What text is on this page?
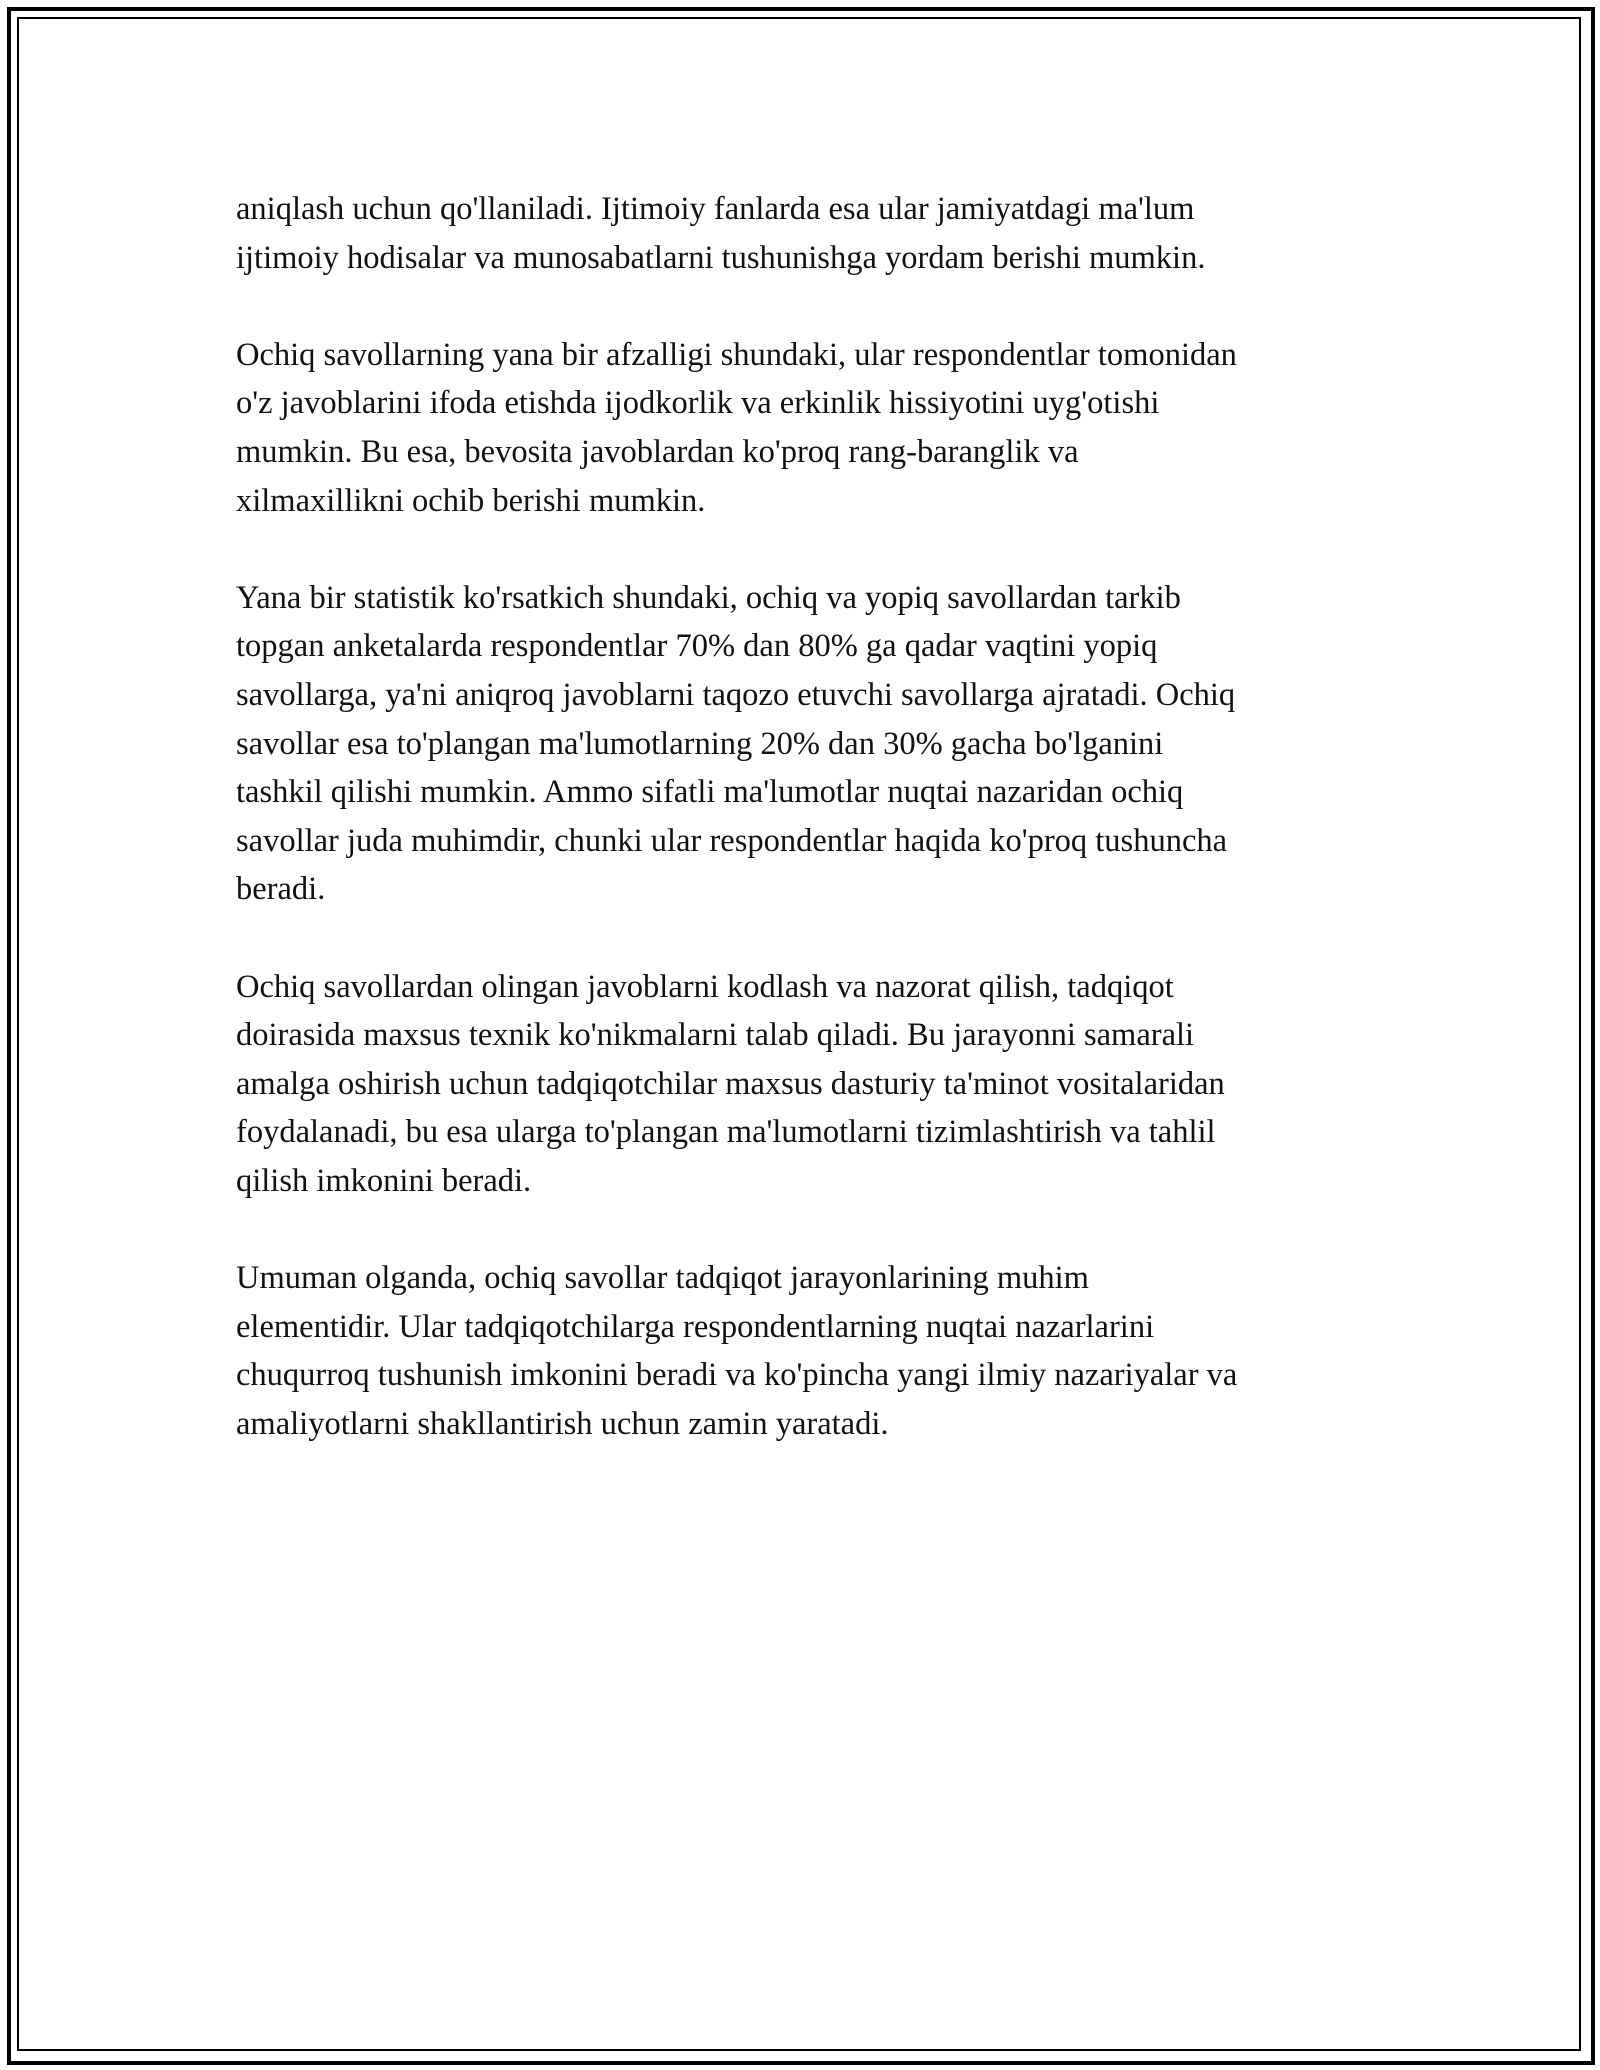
aniqlash uchun qo'llaniladi. Ijtimoiy fanlarda esa ular jamiyatdagi ma'lum
ijtimoiy hodisalar va munosabatlarni tushunishga yordam berishi mumkin.

Ochiq savollarning yana bir afzalligi shundaki, ular respondentlar tomonidan
o'z javoblarini ifoda etishda ijodkorlik va erkinlik hissiyotini uyg'otishi
mumkin. Bu esa, bevosita javoblardan ko'proq rang-baranglik va
xilmaxillikni ochib berishi mumkin.

Yana bir statistik ko'rsatkich shundaki, ochiq va yopiq savollardan tarkib
topgan anketalarda respondentlar 70% dan 80% ga qadar vaqtini yopiq
savollarga, ya'ni aniqroq javoblarni taqozo etuvchi savollarga ajratadi. Ochiq
savollar esa to'plangan ma'lumotlarning 20% dan 30% gacha bo'lganini
tashkil qilishi mumkin. Ammo sifatli ma'lumotlar nuqtai nazaridan ochiq
savollar juda muhimdir, chunki ular respondentlar haqida ko'proq tushuncha
beradi.

Ochiq savollardan olingan javoblarni kodlash va nazorat qilish, tadqiqot
doirasida maxsus texnik ko'nikmalarni talab qiladi. Bu jarayonni samarali
amalga oshirish uchun tadqiqotchilar maxsus dasturiy ta'minot vositalaridan
foydalanadi, bu esa ularga to'plangan ma'lumotlarni tizimlashtirish va tahlil
qilish imkonini beradi.

Umuman olganda, ochiq savollar tadqiqot jarayonlarining muhim
elementidir. Ular tadqiqotchilarga respondentlarning nuqtai nazarlarini
chuqurroq tushunish imkonini beradi va ko'pincha yangi ilmiy nazariyalar va
amaliyotlarni shakllantirish uchun zamin yaratadi.
